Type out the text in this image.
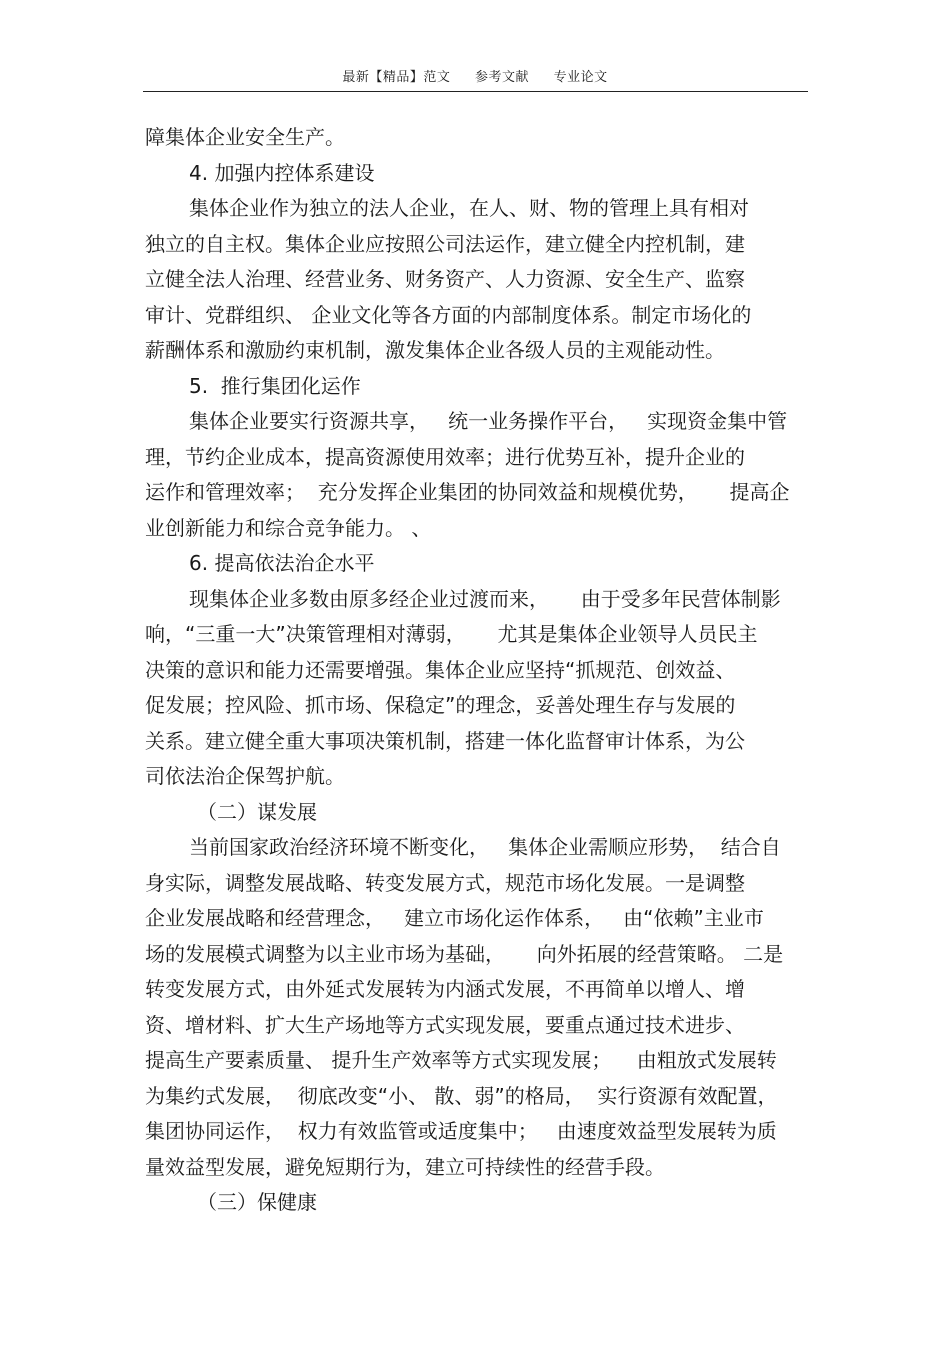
最新【精品】范文 参考文献 专业论文
障集体企业安全生产。
4. 加强内控体系建设
集体企业作为独立的法人企业，在人、财、物的管理上具有相对
独立的自主权。集体企业应按照公司法运作，建立健全内控机制，建
立健全法人治理、经营业务、财务资产、人力资源、安全生产、监察
审计、党群组织、 企业文化等各方面的内部制度体系。制定市场化的
薪酬体系和激励约束机制，激发集体企业各级人员的主观能动性。
5.  推行集团化运作
集体企业要实行资源共享，   统一业务操作平台，   实现资金集中管
理，节约企业成本，提高资源使用效率；进行优势互补，提升企业的
运作和管理效率；  充分发挥企业集团的协同效益和规模优势，     提高企
业创新能力和综合竞争能力。 、
6. 提高依法治企水平
现集体企业多数由原多经企业过渡而来，     由于受多年民营体制影
响，“三重一大”决策管理相对薄弱，     尤其是集体企业领导人员民主
决策的意识和能力还需要增强。集体企业应坚持“抓规范、创效益、
促发展；控风险、抓市场、保稳定”的理念，妥善处理生存与发展的
关系。建立健全重大事项决策机制，搭建一体化监督审计体系，为公
司依法治企保驾护航。
（二）谋发展
当前国家政治经济环境不断变化，   集体企业需顺应形势，  结合自
身实际，调整发展战略、转变发展方式，规范市场化发展。一是调整
企业发展战略和经营理念，   建立市场化运作体系，   由“依赖”主业市
场的发展模式调整为以主业市场为基础，     向外拓展的经营策略。 二是
转变发展方式，由外延式发展转为内涵式发展，不再简单以增人、增
资、增材料、扩大生产场地等方式实现发展，要重点通过技术进步、
提高生产要素质量、 提升生产效率等方式实现发展；    由粗放式发展转
为集约式发展，  彻底改变“小、 散、弱”的格局，  实行资源有效配置，
集团协同运作，  权力有效监管或适度集中；   由速度效益型发展转为质
量效益型发展，避免短期行为，建立可持续性的经营手段。
（三）保健康
